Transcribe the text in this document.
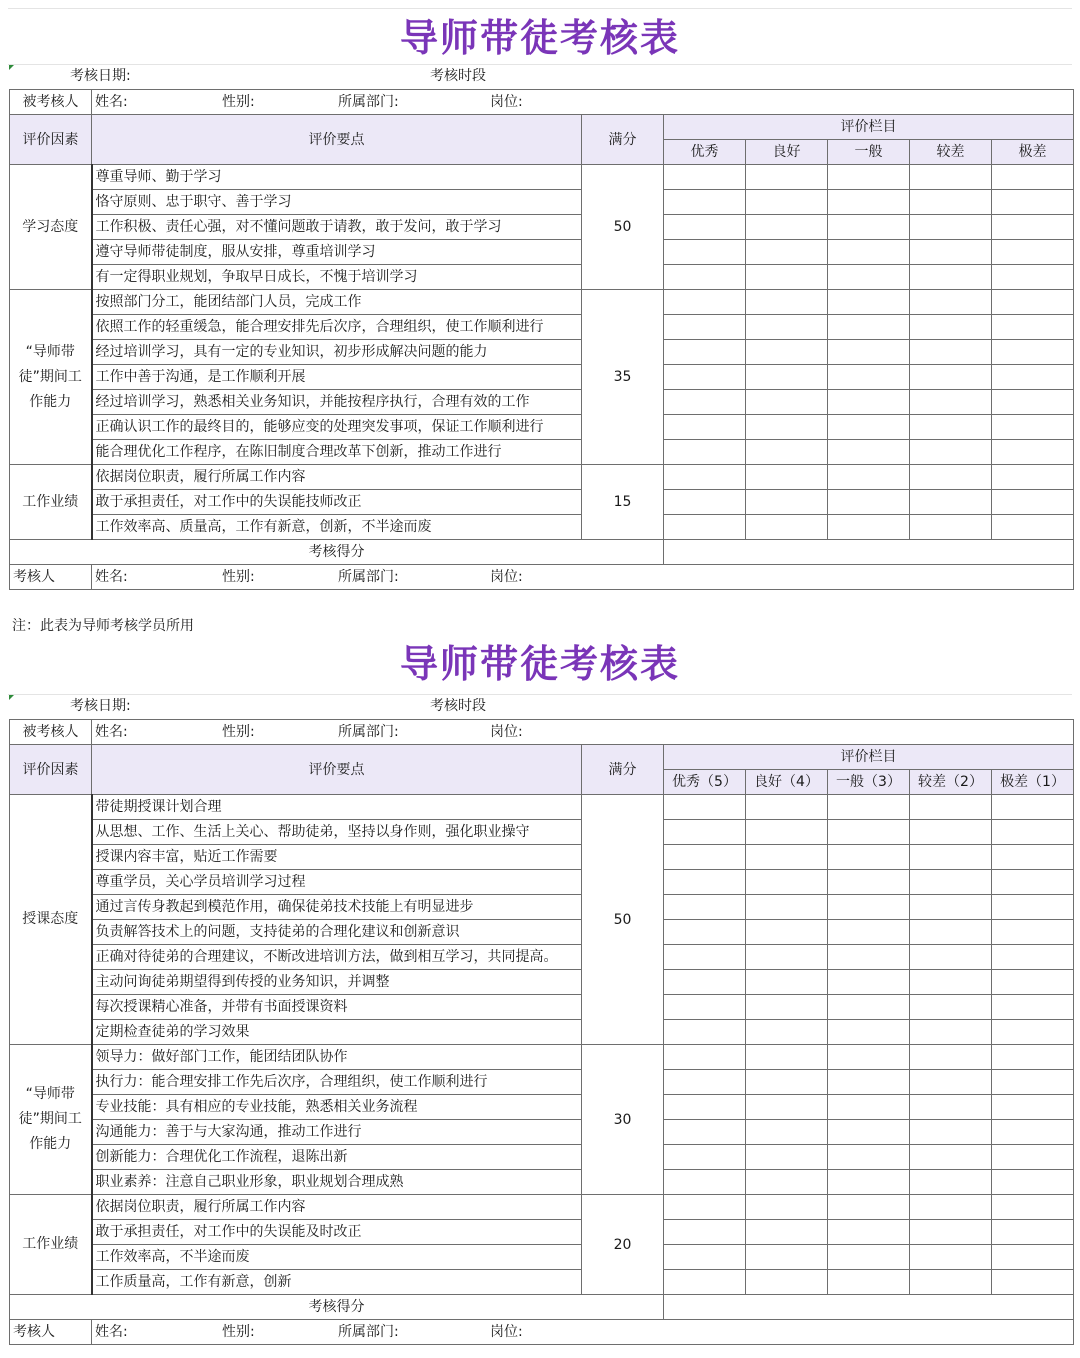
导师带徒考核表
考核日期:	考核时段
被考核人	姓名: 性别: 所属部门: 岗位:						
评价因素	评价要点	满分	评价栏目				
			优秀	良好	一般	较差	极差
学习态度	尊重导师、勤于学习	50					
	恪守原则、忠于职守、善于学习						
	工作积极、责任心强，对不懂问题敢于请教，敢于发问，敢于学习						
	遵守导师带徒制度，服从安排，尊重培训学习						
	有一定得职业规划，争取早日成长，不愧于培训学习						
“导师带徒”期间工作能力	按照部门分工，能团结部门人员，完成工作	35					
	依照工作的轻重缓急，能合理安排先后次序，合理组织，使工作顺利进行						
	经过培训学习，具有一定的专业知识，初步形成解决问题的能力						
	工作中善于沟通，是工作顺利开展						
	经过培训学习，熟悉相关业务知识，并能按程序执行，合理有效的工作						
	正确认识工作的最终目的，能够应变的处理突发事项，保证工作顺利进行						
	能合理优化工作程序，在陈旧制度合理改革下创新，推动工作进行						
工作业绩	依据岗位职责，履行所属工作内容	15					
	敢于承担责任，对工作中的失误能技师改正						
	工作效率高、质量高，工作有新意，创新，不半途而废						
考核得分							
考核人	姓名: 性别: 所属部门: 岗位:						
注：此表为导师考核学员所用
导师带徒考核表
考核日期:	考核时段
被考核人	姓名: 性别: 所属部门: 岗位:						
评价因素	评价要点	满分	评价栏目				
			优秀（5）	良好（4）	一般（3）	较差（2）	极差（1）
授课态度	带徒期授课计划合理	50					
	从思想、工作、生活上关心、帮助徒弟，坚持以身作则，强化职业操守						
	授课内容丰富，贴近工作需要						
	尊重学员，关心学员培训学习过程						
	通过言传身教起到模范作用，确保徒弟技术技能上有明显进步						
	负责解答技术上的问题，支持徒弟的合理化建议和创新意识						
	正确对待徒弟的合理建议，不断改进培训方法，做到相互学习，共同提高。						
	主动问询徒弟期望得到传授的业务知识，并调整						
	每次授课精心准备，并带有书面授课资料						
	定期检查徒弟的学习效果						
“导师带徒”期间工作能力	领导力：做好部门工作，能团结团队协作	30					
	执行力：能合理安排工作先后次序，合理组织，使工作顺利进行						
	专业技能：具有相应的专业技能，熟悉相关业务流程						
	沟通能力：善于与大家沟通，推动工作进行						
	创新能力：合理优化工作流程，退陈出新						
	职业素养：注意自己职业形象，职业规划合理成熟						
工作业绩	依据岗位职责，履行所属工作内容	20					
	敢于承担责任，对工作中的失误能及时改正						
	工作效率高，不半途而废						
	工作质量高，工作有新意，创新						
考核得分							
考核人	姓名: 性别: 所属部门: 岗位:						
